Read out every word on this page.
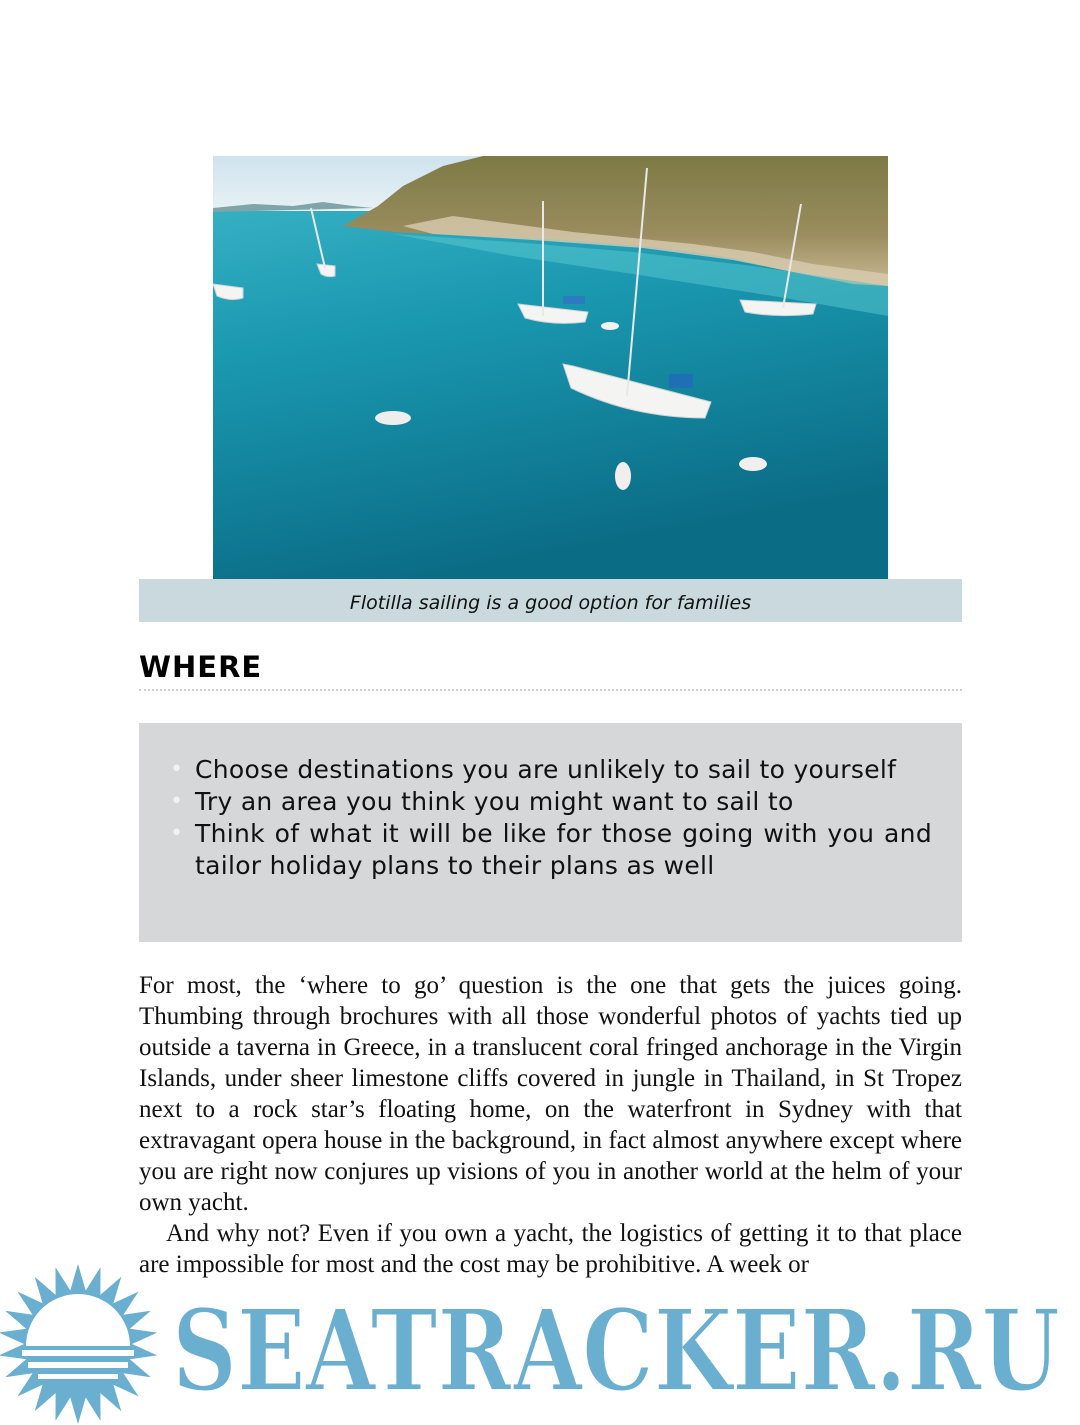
Flotilla sailing is a good option for families
WHERE
• Choose destinations you are unlikely to sail to yourself
• Try an area you think you might want to sail to
• Think of what it will be like for those going with you and tailor holiday plans to their plans as well

For most, the ‘where to go’ question is the one that gets the juices going. Thumbing through brochures with all those wonderful photos of yachts tied up outside a taverna in Greece, in a translucent coral fringed anchorage in the Virgin Islands, under sheer limestone cliffs covered in jungle in Thailand, in St Tropez next to a rock star’s floating home, on the waterfront in Sydney with that extravagant opera house in the background, in fact almost anywhere except where you are right now conjures up visions of you in another world at the helm of your own yacht.

And why not? Even if you own a yacht, the logistics of getting it to that place are impossible for most and the cost may be prohibitive. A week or

SEATRACKER.RU
